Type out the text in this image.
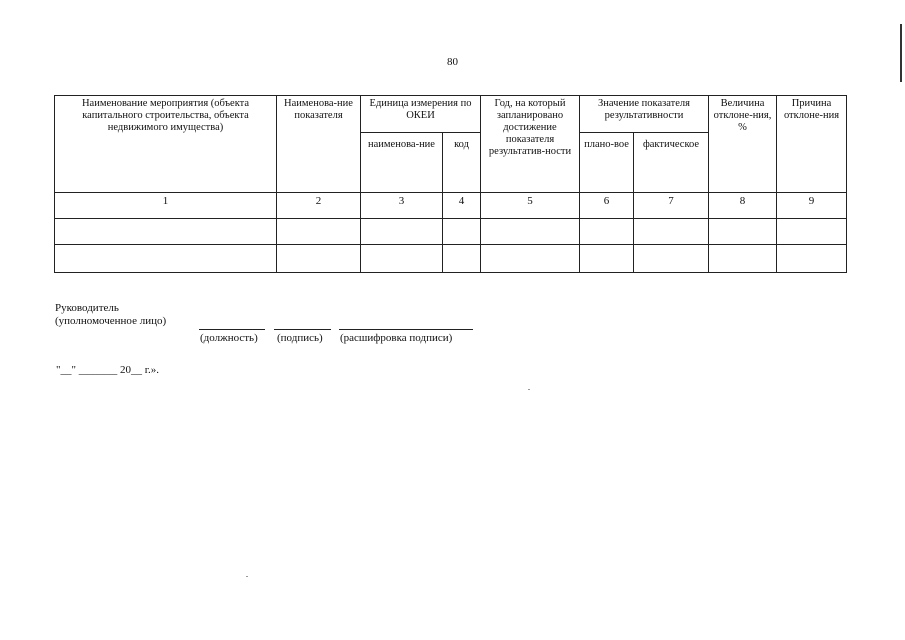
80
Наименование мероприятия (объекта капитального строительства, объекта недвижимого имущества)	Наименова-ние показателя	Единица измерения по ОКЕИ		Год, на который запланировано достижение показателя результатив-ности	Значение показателя результативности		Величина отклоне-ния, %	Причина отклоне-ния
		наименова-ние	код		плано-вое	фактическое		
1	2	3	4	5	6	7	8	9

Руководитель
(уполномоченное лицо)
(должность) (подпись) (расшифровка подписи)
"__" _______ 20__ г.».
